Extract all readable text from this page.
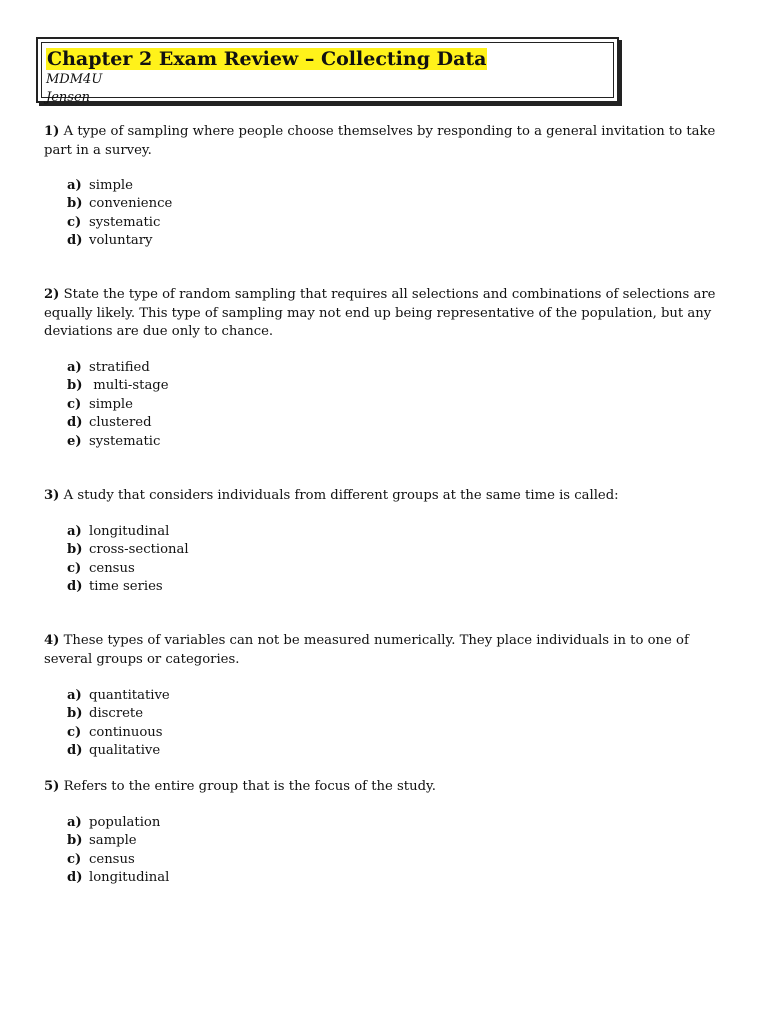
Chapter 2 Exam Review – Collecting Data
MDM4U
Jensen
1) A type of sampling where people choose themselves by responding to a general invitation to take part in a survey.
a) simple
b) convenience
c) systematic
d) voluntary
2) State the type of random sampling that requires all selections and combinations of selections are equally likely. This type of sampling may not end up being representative of the population, but any deviations are due only to chance.
a) stratified
b) multi-stage
c) simple
d) clustered
e) systematic
3) A study that considers individuals from different groups at the same time is called:
a) longitudinal
b) cross-sectional
c) census
d) time series
4) These types of variables can not be measured numerically. They place individuals in to one of several groups or categories.
a) quantitative
b) discrete
c) continuous
d) qualitative
5) Refers to the entire group that is the focus of the study.
a) population
b) sample
c) census
d) longitudinal
